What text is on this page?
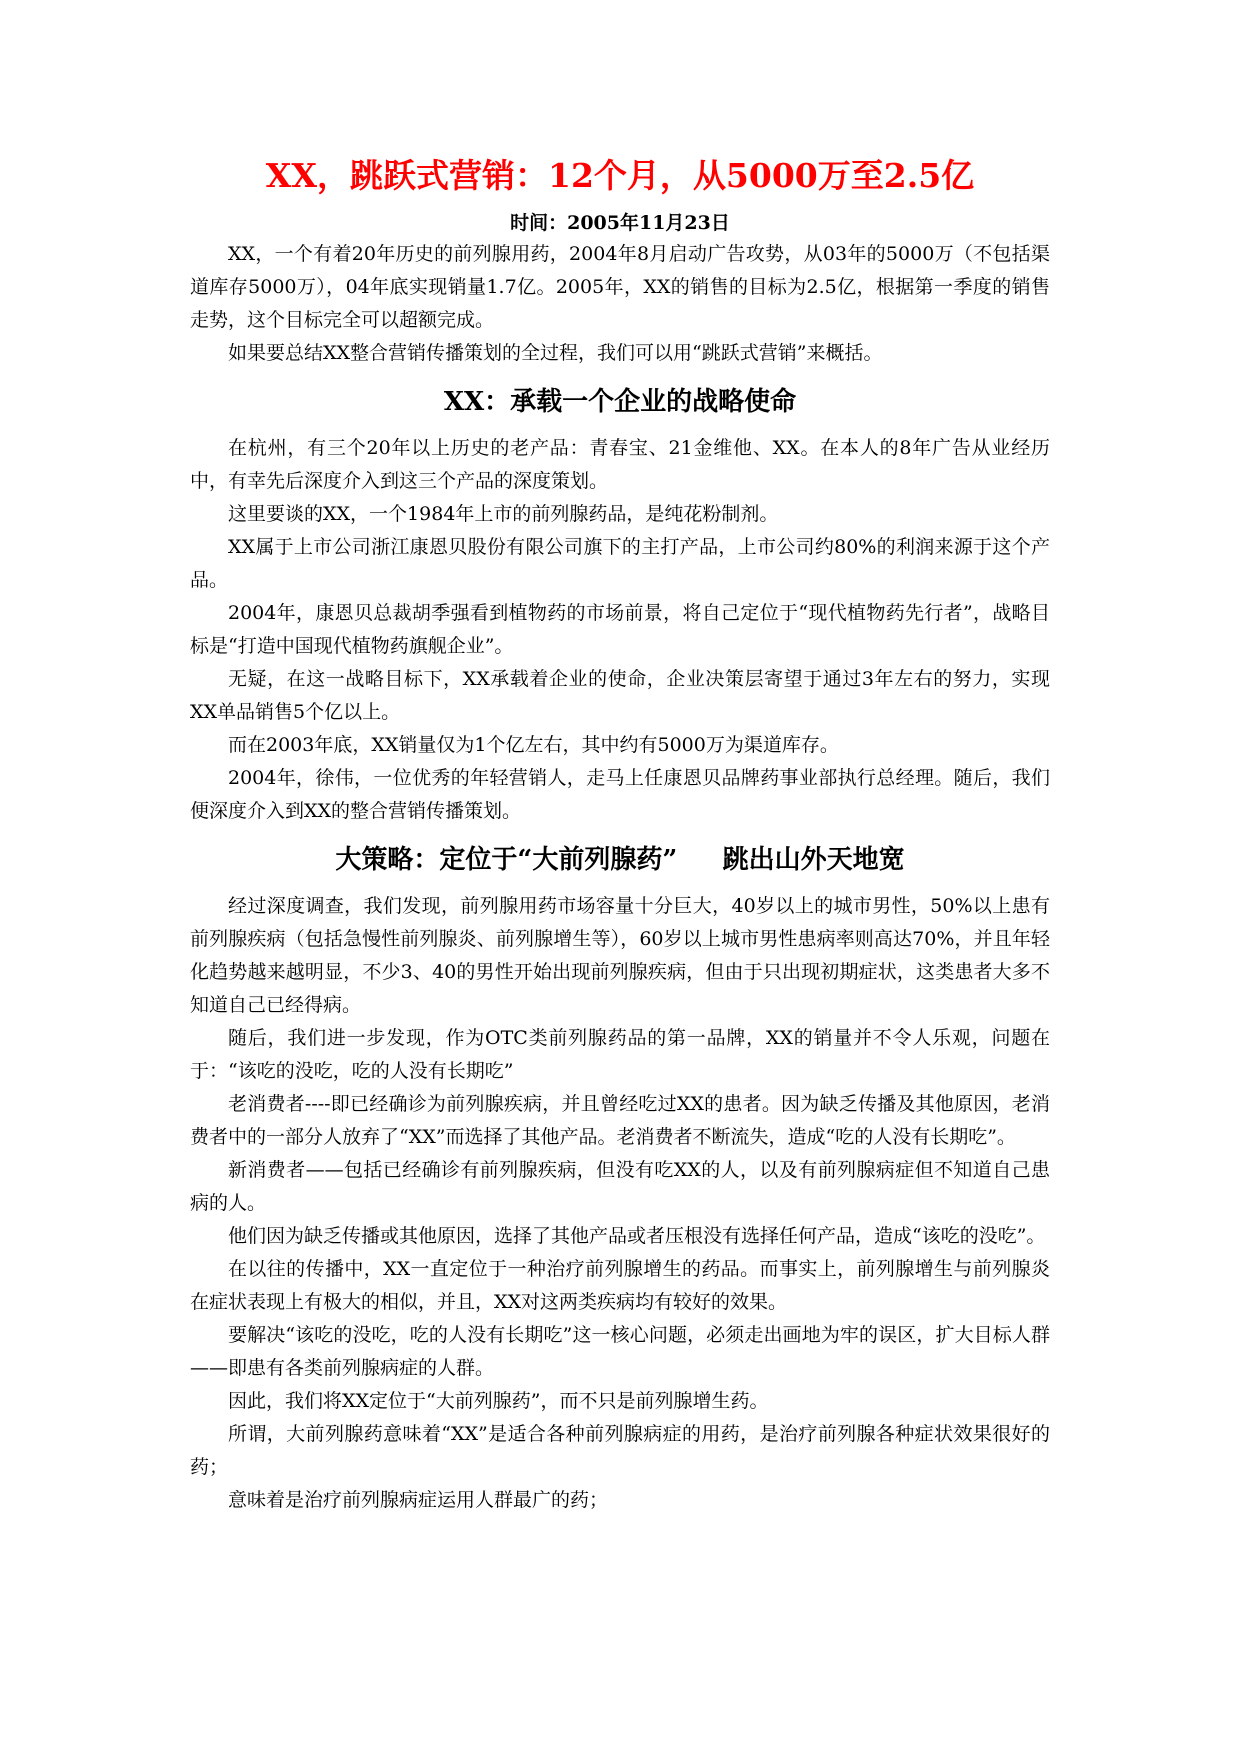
XX，跳跃式营销：12个月，从5000万至2.5亿

时间：2005年11月23日

XX，一个有着20年历史的前列腺用药，2004年8月启动广告攻势，从03年的5000万（不包括渠道库存5000万），04年底实现销量1.7亿。2005年，XX的销售的目标为2.5亿，根据第一季度的销售走势，这个目标完全可以超额完成。

如果要总结XX整合营销传播策划的全过程，我们可以用“跳跃式营销”来概括。

XX：承载一个企业的战略使命

在杭州，有三个20年以上历史的老产品：青春宝、21金维他、XX。在本人的8年广告从业经历中，有幸先后深度介入到这三个产品的深度策划。

这里要谈的XX，一个1984年上市的前列腺药品，是纯花粉制剂。

XX属于上市公司浙江康恩贝股份有限公司旗下的主打产品，上市公司约80%的利润来源于这个产品。

2004年，康恩贝总裁胡季强看到植物药的市场前景，将自己定位于“现代植物药先行者”，战略目标是“打造中国现代植物药旗舰企业”。

无疑，在这一战略目标下，XX承载着企业的使命，企业决策层寄望于通过3年左右的努力，实现XX单品销售5个亿以上。

而在2003年底，XX销量仅为1个亿左右，其中约有5000万为渠道库存。

2004年，徐伟，一位优秀的年轻营销人，走马上任康恩贝品牌药事业部执行总经理。随后，我们便深度介入到XX的整合营销传播策划。

大策略：定位于“大前列腺药”     跳出山外天地宽

经过深度调查，我们发现，前列腺用药市场容量十分巨大，40岁以上的城市男性，50%以上患有前列腺疾病（包括急慢性前列腺炎、前列腺增生等），60岁以上城市男性患病率则高达70%，并且年轻化趋势越来越明显，不少3、40的男性开始出现前列腺疾病，但由于只出现初期症状，这类患者大多不知道自己已经得病。

随后，我们进一步发现，作为OTC类前列腺药品的第一品牌，XX的销量并不令人乐观，问题在于：“该吃的没吃，吃的人没有长期吃”

老消费者----即已经确诊为前列腺疾病，并且曾经吃过XX的患者。因为缺乏传播及其他原因，老消费者中的一部分人放弃了“XX”而选择了其他产品。老消费者不断流失，造成“吃的人没有长期吃”。

新消费者——包括已经确诊有前列腺疾病，但没有吃XX的人，以及有前列腺病症但不知道自己患病的人。

他们因为缺乏传播或其他原因，选择了其他产品或者压根没有选择任何产品，造成“该吃的没吃”。

在以往的传播中，XX一直定位于一种治疗前列腺增生的药品。而事实上，前列腺增生与前列腺炎在症状表现上有极大的相似，并且，XX对这两类疾病均有较好的效果。

要解决“该吃的没吃，吃的人没有长期吃”这一核心问题，必须走出画地为牢的误区，扩大目标人群——即患有各类前列腺病症的人群。

因此，我们将XX定位于“大前列腺药”，而不只是前列腺增生药。

所谓，大前列腺药意味着“XX”是适合各种前列腺病症的用药，是治疗前列腺各种症状效果很好的药；

意味着是治疗前列腺病症运用人群最广的药；
